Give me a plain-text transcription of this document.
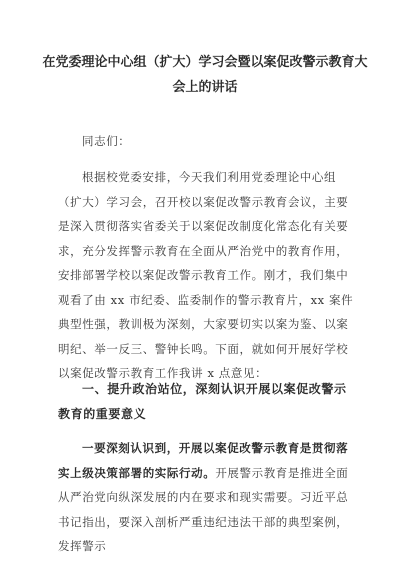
在党委理论中心组（扩大）学习会暨以案促改警示教育大
会上的讲话
同志们：
根据校党委安排，今天我们利用党委理论中心组（扩大）学习会，召开校以案促改警示教育会议，主要是深入贯彻落实省委关于以案促改制度化常态化有关要求，充分发挥警示教育在全面从严治党中的教育作用，安排部署学校以案促改警示教育工作。刚才，我们集中观看了由 xx 市纪委、监委制作的警示教育片，xx 案件典型性强，教训极为深刻，大家要切实以案为鉴、以案明纪、举一反三、警钟长鸣。下面，就如何开展好学校以案促改警示教育工作我讲 x 点意见：
一、提升政治站位，深刻认识开展以案促改警示教育的重要意义
一要深刻认识到，开展以案促改警示教育是贯彻落实上级决策部署的实际行动。开展警示教育是推进全面从严治党向纵深发展的内在要求和现实需要。习近平总书记指出，要深入剖析严重违纪违法干部的典型案例，发挥警示
